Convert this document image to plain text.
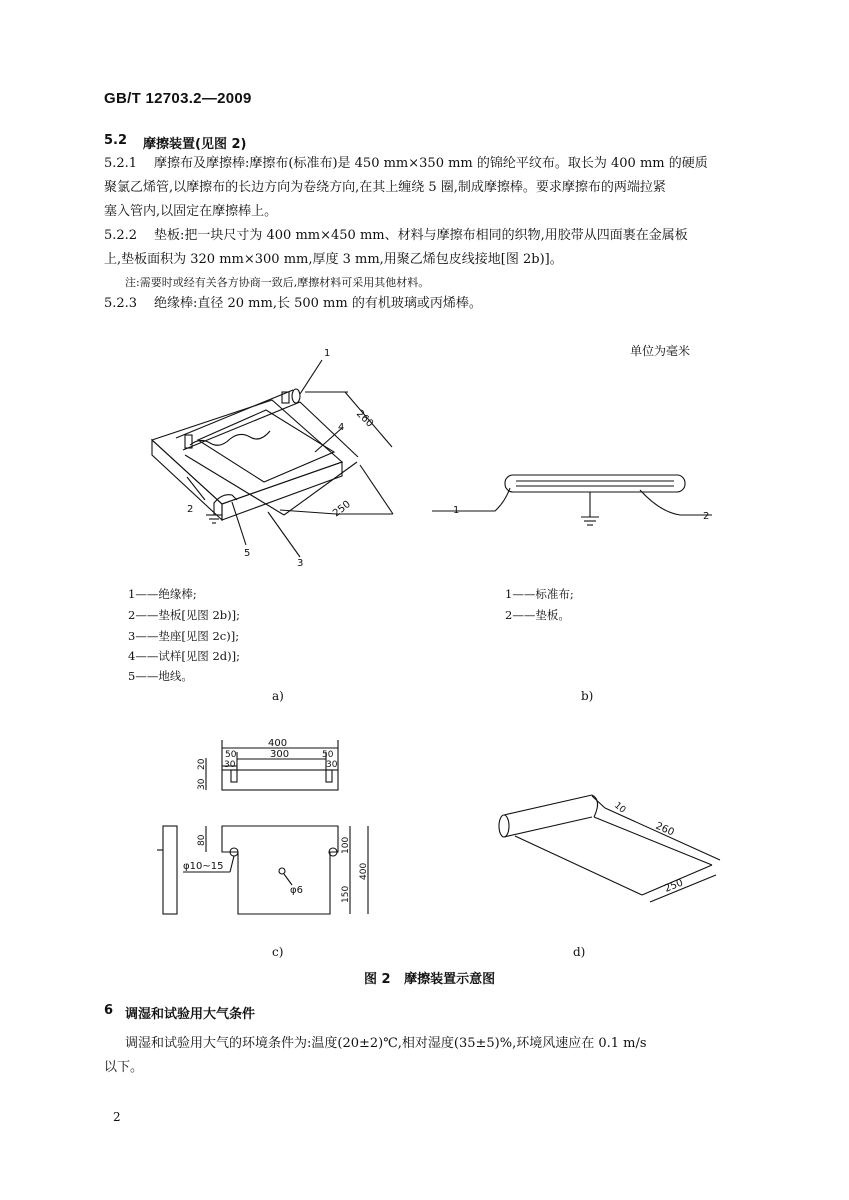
GB/T 12703.2—2009
5.2 摩擦装置(见图 2)
5.2.1 摩擦布及摩擦棒:摩擦布(标准布)是 450 mm×350 mm 的锦纶平纹布。取长为 400 mm 的硬质
聚氯乙烯管,以摩擦布的长边方向为卷绕方向,在其上缠绕 5 圈,制成摩擦棒。要求摩擦布的两端拉紧
塞入管内,以固定在摩擦棒上。
5.2.2 垫板:把一块尺寸为 400 mm×450 mm、材料与摩擦布相同的织物,用胶带从四面裹在金属板
上,垫板面积为 320 mm×300 mm,厚度 3 mm,用聚乙烯包皮线接地[图 2b)]。
注:需要时或经有关各方协商一致后,摩擦材料可采用其他材料。
5.2.3 绝缘棒:直径 20 mm,长 500 mm 的有机玻璃或丙烯棒。
单位为毫米
1
2
3
4
5
260
250	1
2
400
300
50	50
30	30
20
30
80	100
400
150
φ10~15
φ6
10
260
250
1——绝缘棒;
2——垫板[见图 2b)];
3——垫座[见图 2c)];
4——试样[见图 2d)];
5——地线。
a)
1——标准布;
2——垫板。
b)
c)	d)
图 2   摩擦装置示意图
6 调湿和试验用大气条件
调湿和试验用大气的环境条件为:温度(20±2)℃,相对湿度(35±5)%,环境风速应在 0.1 m/s
以下。
2
